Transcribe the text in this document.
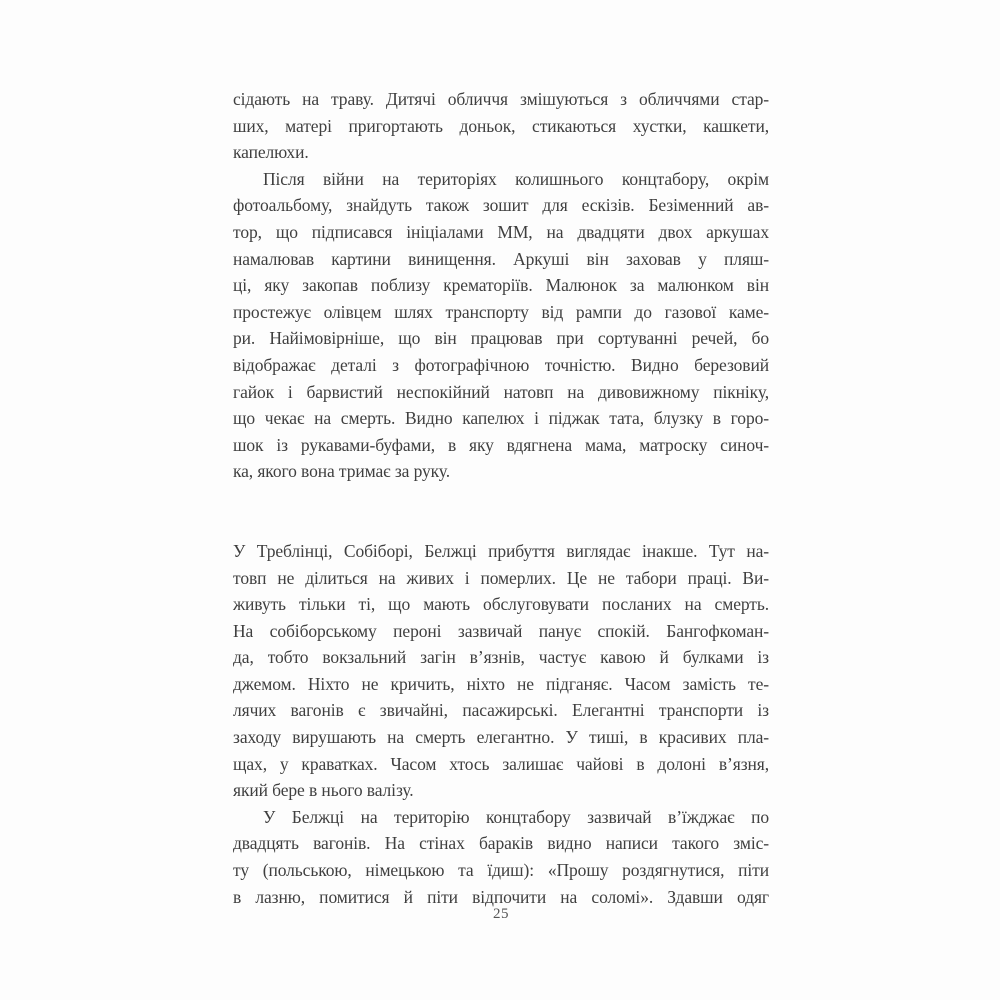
сідають на траву. Дитячі обличчя змішуються з обличчями стар-
ших, матері пригортають доньок, стикаються хустки, кашкети,
капелюхи.

Після війни на територіях колишнього концтабору, окрім
фотоальбому, знайдуть також зошит для ескізів. Безіменний ав-
тор, що підписався ініціалами ММ, на двадцяти двох аркушах
намалював картини винищення. Аркуші він заховав у пляш-
ці, яку закопав поблизу крематоріїв. Малюнок за малюнком він
простежує олівцем шлях транспорту від рампи до газової каме-
ри. Найімовірніше, що він працював при сортуванні речей, бо
відображає деталі з фотографічною точністю. Видно березовий
гайок і барвистий неспокійний натовп на дивовижному пікніку,
що чекає на смерть. Видно капелюх і піджак тата, блузку в горо-
шок із рукавами-буфами, в яку вдягнена мама, матроску синоч-
ка, якого вона тримає за руку.

У Треблінці, Собіборі, Белжці прибуття виглядає інакше. Тут на-
товп не ділиться на живих і померлих. Це не табори праці. Ви-
живуть тільки ті, що мають обслуговувати посланих на смерть.
На собіборському пероні зазвичай панує спокій. Бангофкоман-
да, тобто вокзальний загін в’язнів, частує кавою й булками із
джемом. Ніхто не кричить, ніхто не підганяє. Часом замість те-
лячих вагонів є звичайні, пасажирські. Елегантні транспорти із
заходу вирушають на смерть елегантно. У тиші, в красивих пла-
щах, у краватках. Часом хтось залишає чайові в долоні в’язня,
який бере в нього валізу.

У Белжці на територію концтабору зазвичай в’їжджає по
двадцять вагонів. На стінах бараків видно написи такого зміс-
ту (польською, німецькою та їдиш): «Прошу роздягнутися, піти
в лазню, помитися й піти відпочити на соломі». Здавши одяг

25
